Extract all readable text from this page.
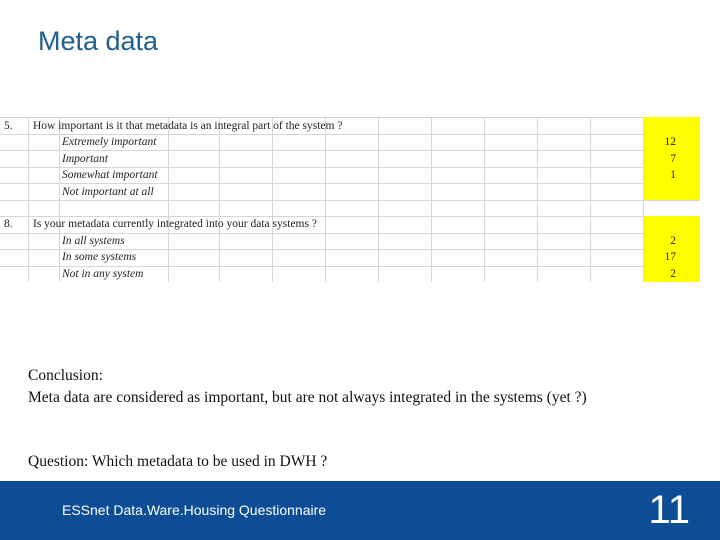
Meta data
5. How important is it that metadata is an integral part of the system ?
Extremely important	12
Important	7
Somewhat important	1
Not important at all
8. Is your metadata currently integrated into your data systems ?
In all systems	2
In some systems	17
Not in any system	2
Conclusion:
Meta data are considered as important, but are not always integrated in the systems (yet ?)
Question: Which metadata to be used in DWH ?
ESSnet Data.Ware.Housing Questionnaire	11
